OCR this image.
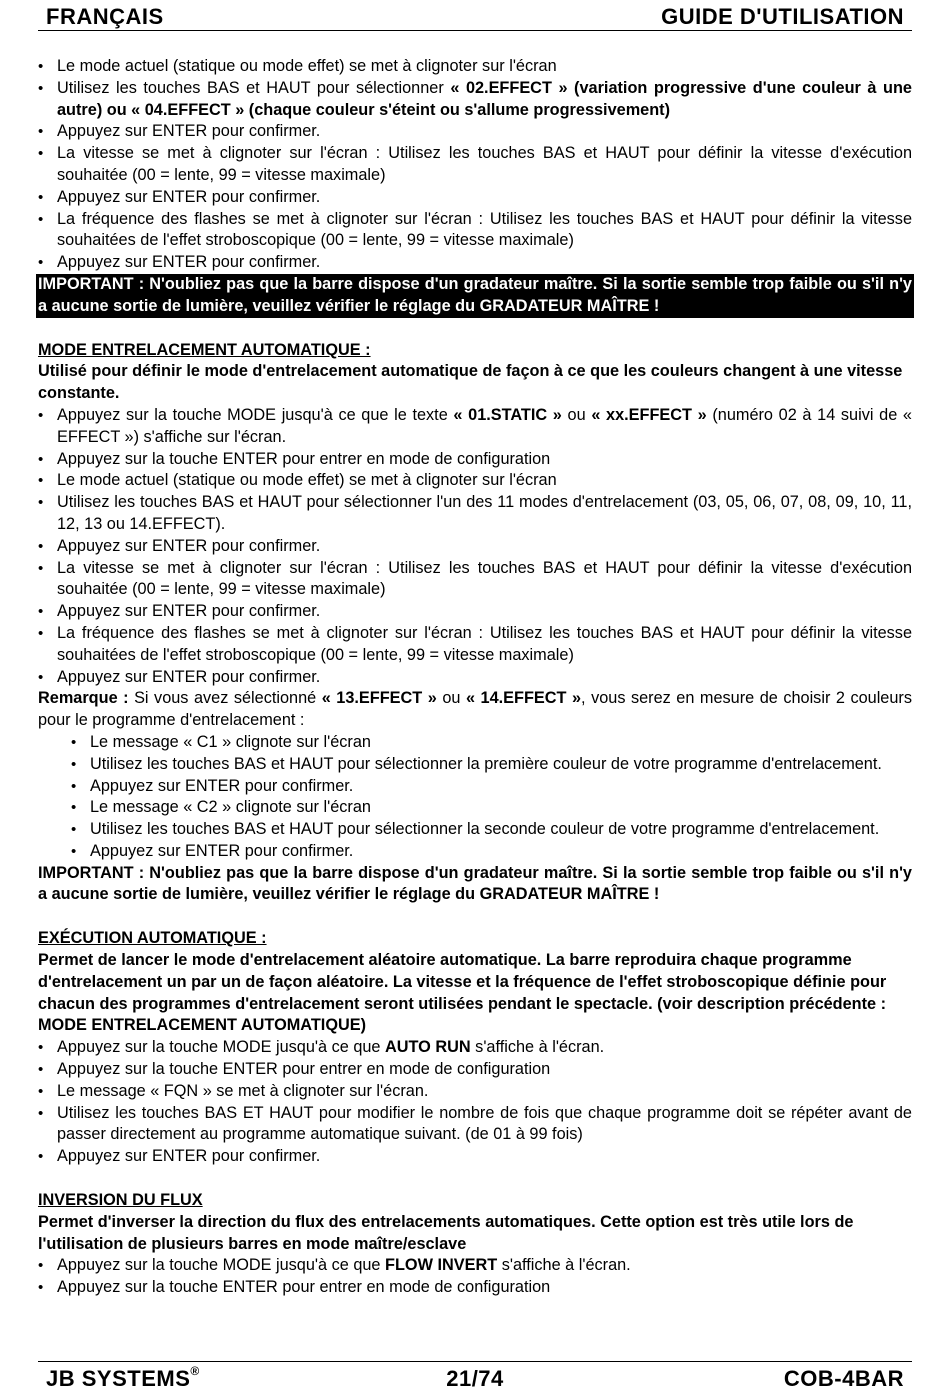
FRANÇAIS	GUIDE D'UTILISATION
• Le mode actuel (statique ou mode effet) se met à clignoter sur l'écran
• Utilisez les touches BAS et HAUT pour sélectionner « 02.EFFECT » (variation progressive d'une couleur à une autre) ou « 04.EFFECT » (chaque couleur s'éteint ou s'allume progressivement)
• Appuyez sur ENTER pour confirmer.
• La vitesse se met à clignoter sur l'écran : Utilisez les touches BAS et HAUT pour définir la vitesse d'exécution souhaitée (00 = lente, 99 = vitesse maximale)
• Appuyez sur ENTER pour confirmer.
• La fréquence des flashes se met à clignoter sur l'écran : Utilisez les touches BAS et HAUT pour définir la vitesse souhaitées de l'effet stroboscopique (00 = lente, 99 = vitesse maximale)
• Appuyez sur ENTER pour confirmer.

IMPORTANT : N'oubliez pas que la barre dispose d'un gradateur maître. Si la sortie semble trop faible ou s'il n'y a aucune sortie de lumière, veuillez vérifier le réglage du GRADATEUR MAÎTRE !

MODE ENTRELACEMENT AUTOMATIQUE :

Utilisé pour définir le mode d'entrelacement automatique de façon à ce que les couleurs changent à une vitesse constante.

• Appuyez sur la touche MODE jusqu'à ce que le texte « 01.STATIC » ou « xx.EFFECT » (numéro 02 à 14 suivi de « EFFECT ») s'affiche sur l'écran.
• Appuyez sur la touche ENTER pour entrer en mode de configuration
• Le mode actuel (statique ou mode effet) se met à clignoter sur l'écran
• Utilisez les touches BAS et HAUT pour sélectionner l'un des 11 modes d'entrelacement (03, 05, 06, 07, 08, 09, 10, 11, 12, 13 ou 14.EFFECT).
• Appuyez sur ENTER pour confirmer.
• La vitesse se met à clignoter sur l'écran : Utilisez les touches BAS et HAUT pour définir la vitesse d'exécution souhaitée (00 = lente, 99 = vitesse maximale)
• Appuyez sur ENTER pour confirmer.
• La fréquence des flashes se met à clignoter sur l'écran : Utilisez les touches BAS et HAUT pour définir la vitesse souhaitées de l'effet stroboscopique (00 = lente, 99 = vitesse maximale)
• Appuyez sur ENTER pour confirmer.

Remarque : Si vous avez sélectionné « 13.EFFECT » ou « 14.EFFECT », vous serez en mesure de choisir 2 couleurs pour le programme d'entrelacement :

• Le message « C1 » clignote sur l'écran
• Utilisez les touches BAS et HAUT pour sélectionner la première couleur de votre programme d'entrelacement.
• Appuyez sur ENTER pour confirmer.
• Le message « C2 » clignote sur l'écran
• Utilisez les touches BAS et HAUT pour sélectionner la seconde couleur de votre programme d'entrelacement.
• Appuyez sur ENTER pour confirmer.

IMPORTANT : N'oubliez pas que la barre dispose d'un gradateur maître. Si la sortie semble trop faible ou s'il n'y a aucune sortie de lumière, veuillez vérifier le réglage du GRADATEUR MAÎTRE !

EXÉCUTION AUTOMATIQUE :

Permet de lancer le mode d'entrelacement aléatoire automatique. La barre reproduira chaque programme d'entrelacement un par un de façon aléatoire. La vitesse et la fréquence de l'effet stroboscopique définie pour chacun des programmes d'entrelacement seront utilisées pendant le spectacle. (voir description précédente : MODE ENTRELACEMENT AUTOMATIQUE)

• Appuyez sur la touche MODE jusqu'à ce que AUTO RUN s'affiche à l'écran.
• Appuyez sur la touche ENTER pour entrer en mode de configuration
• Le message « FQN » se met à clignoter sur l'écran.
• Utilisez les touches BAS ET HAUT pour modifier le nombre de fois que chaque programme doit se répéter avant de passer directement au programme automatique suivant. (de 01 à 99 fois)
• Appuyez sur ENTER pour confirmer.

INVERSION DU FLUX

Permet d'inverser la direction du flux des entrelacements automatiques. Cette option est très utile lors de l'utilisation de plusieurs barres en mode maître/esclave

• Appuyez sur la touche MODE jusqu'à ce que FLOW INVERT s'affiche à l'écran.
• Appuyez sur la touche ENTER pour entrer en mode de configuration
JB SYSTEMS®	21/74	COB-4BAR
